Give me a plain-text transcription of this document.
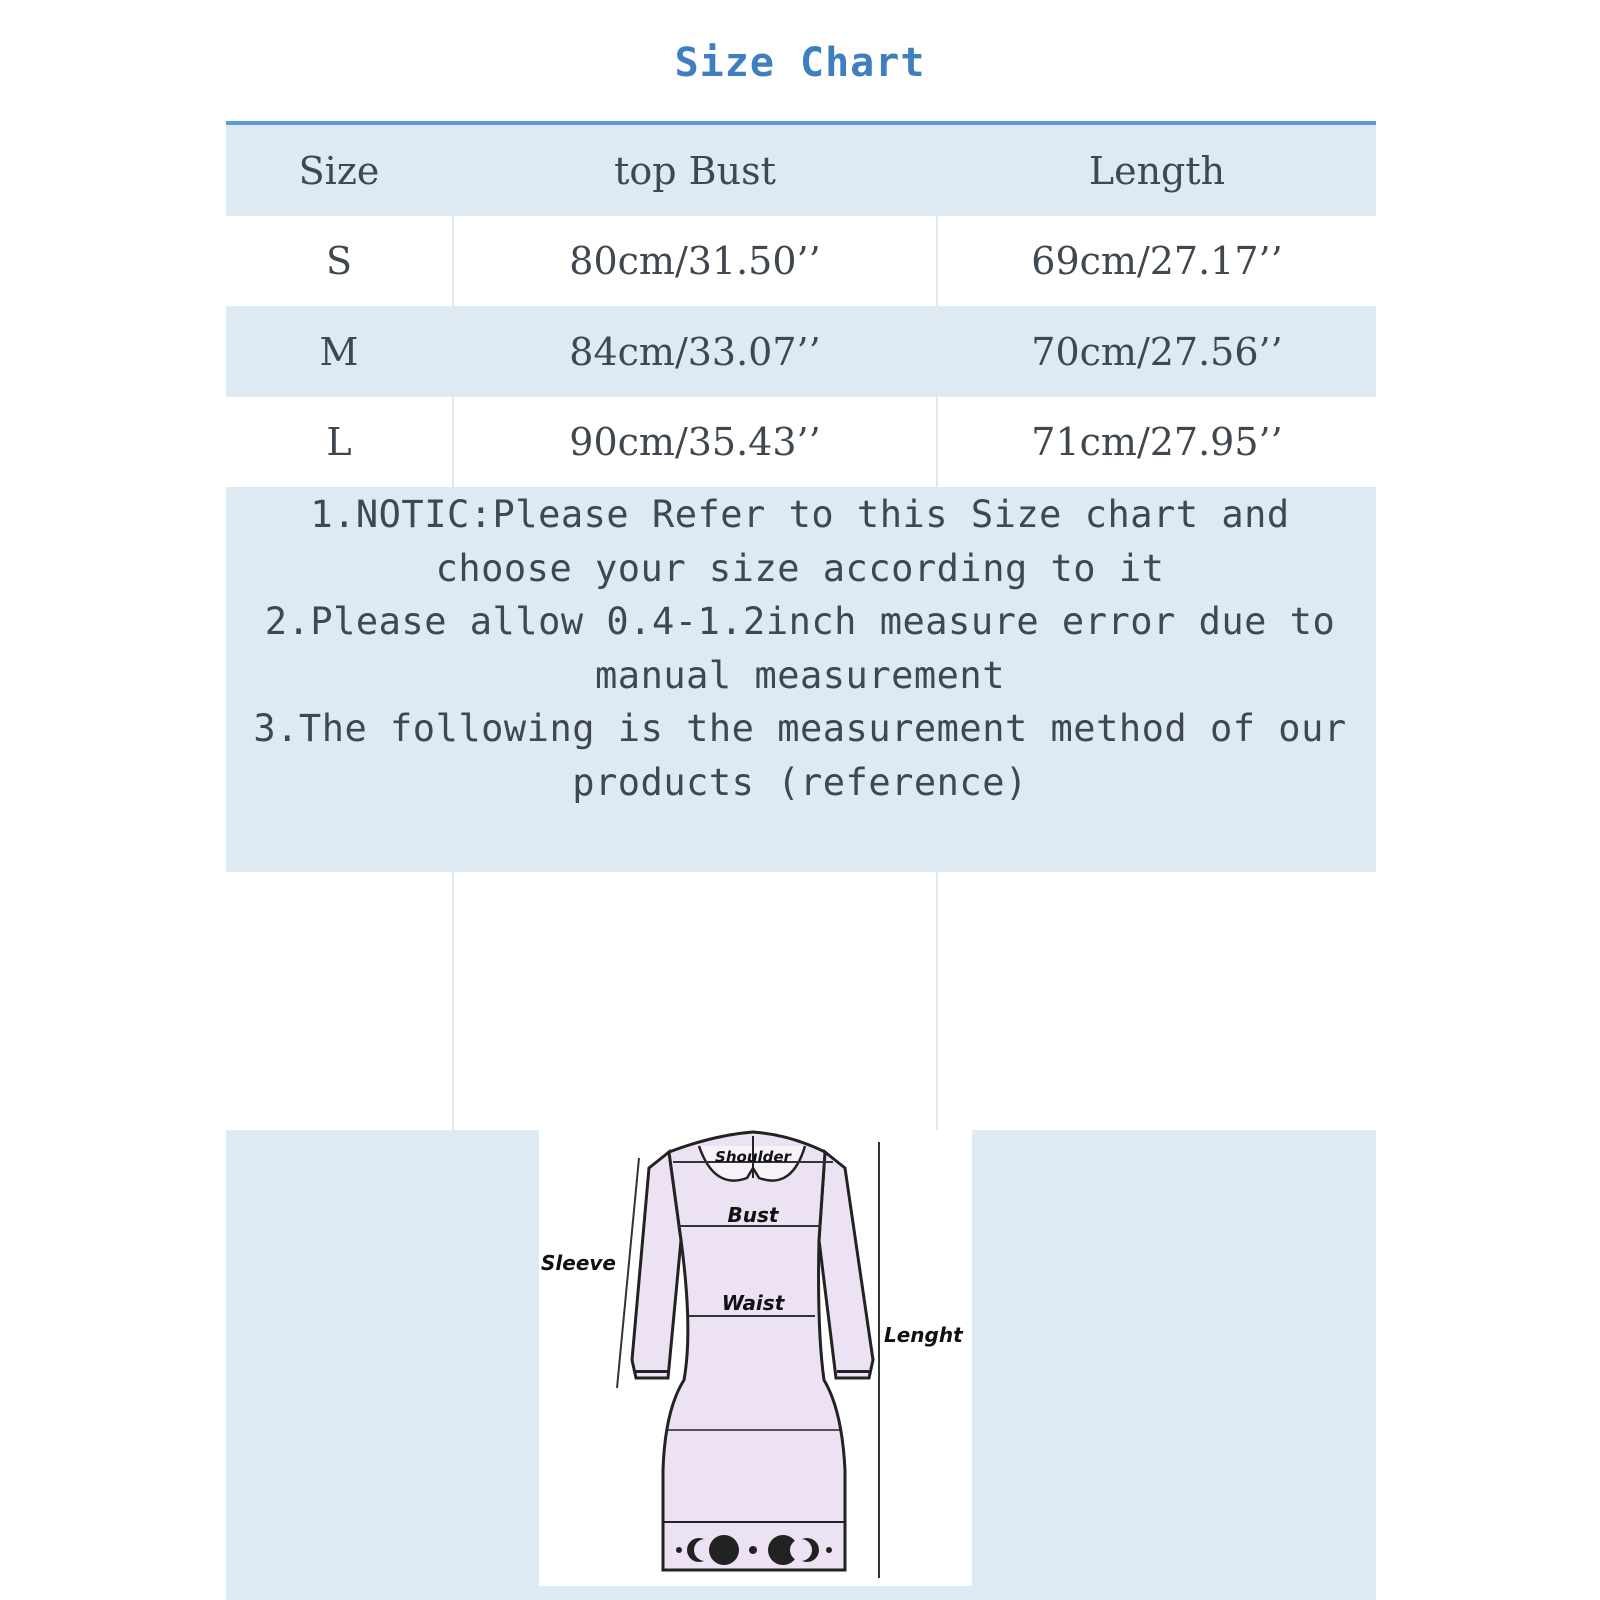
Size Chart
Size	top Bust	Length
S	80cm/31.50’’	69cm/27.17’’
M	84cm/33.07’’	70cm/27.56’’
L	90cm/35.43’’	71cm/27.95’’

1.NOTIC:Please Refer to this Size chart and choose your size according to it

2.Please allow 0.4-1.2inch measure error due to manual measurement

3.The following is the measurement method of our products (reference)

Shoulder
Bust
Waist
Sleeve
Lenght
